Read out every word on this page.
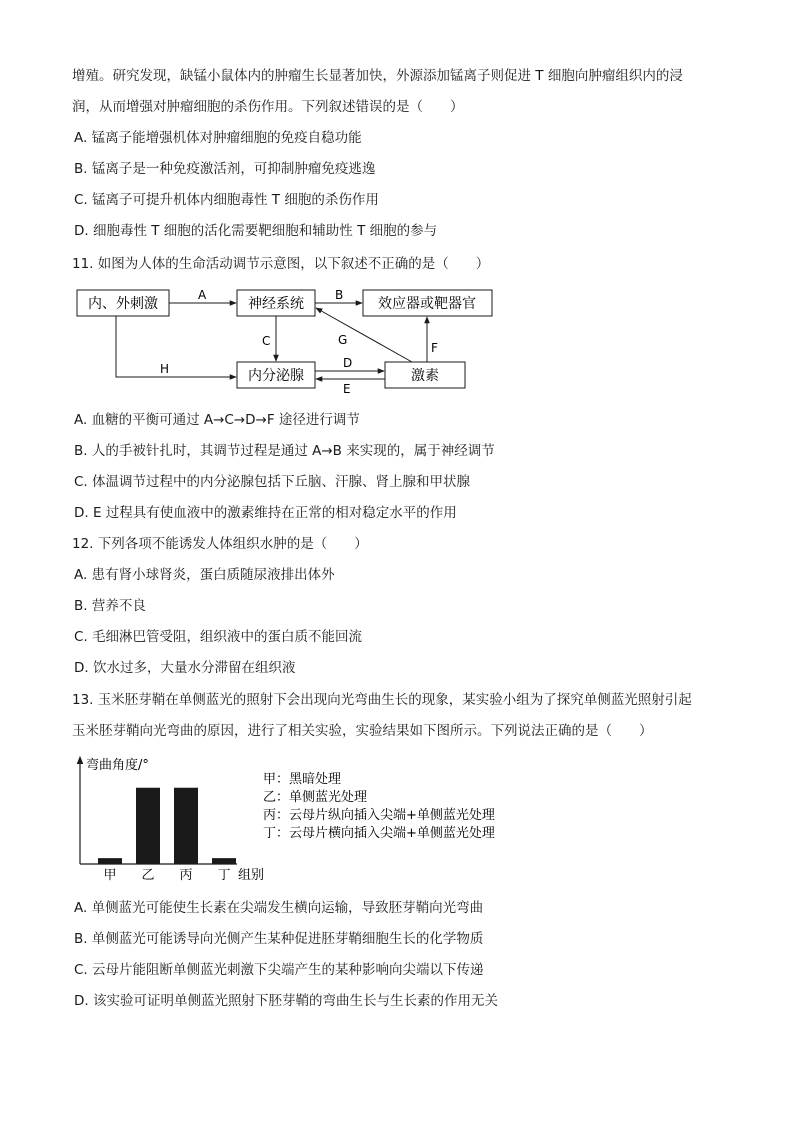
增殖。研究发现，缺锰小鼠体内的肿瘤生长显著加快，外源添加锰离子则促进 T 细胞向肿瘤组织内的浸
润，从而增强对肿瘤细胞的杀伤作用。下列叙述错误的是（　　）
A. 锰离子能增强机体对肿瘤细胞的免疫自稳功能
B. 锰离子是一种免疫激活剂，可抑制肿瘤免疫逃逸
C. 锰离子可提升机体内细胞毒性 T 细胞的杀伤作用
D. 细胞毒性 T 细胞的活化需要靶细胞和辅助性 T 细胞的参与
11. 如图为人体的生命活动调节示意图，以下叙述不正确的是（　　）
内、外刺激	神经系统	效应器或靶器官
内分泌腺	激素
A	B
C
D
E
F
G
H
A. 血糖的平衡可通过 A→C→D→F 途径进行调节
B. 人的手被针扎时，其调节过程是通过 A→B 来实现的，属于神经调节
C. 体温调节过程中的内分泌腺包括下丘脑、汗腺、肾上腺和甲状腺
D. E 过程具有使血液中的激素维持在正常的相对稳定水平的作用
12. 下列各项不能诱发人体组织水肿的是（　　）
A. 患有肾小球肾炎，蛋白质随尿液排出体外
B. 营养不良
C. 毛细淋巴管受阻，组织液中的蛋白质不能回流
D. 饮水过多，大量水分滞留在组织液
13. 玉米胚芽鞘在单侧蓝光的照射下会出现向光弯曲生长的现象，某实验小组为了探究单侧蓝光照射引起
玉米胚芽鞘向光弯曲的原因，进行了相关实验，实验结果如下图所示。下列说法正确的是（　　）
弯曲角度/°
组别
甲 乙 丙 丁
甲：黑暗处理
乙：单侧蓝光处理
丙：云母片纵向插入尖端+单侧蓝光处理
丁：云母片横向插入尖端+单侧蓝光处理
A. 单侧蓝光可能使生长素在尖端发生横向运输，导致胚芽鞘向光弯曲
B. 单侧蓝光可能诱导向光侧产生某种促进胚芽鞘细胞生长的化学物质
C. 云母片能阻断单侧蓝光刺激下尖端产生的某种影响向尖端以下传递
D. 该实验可证明单侧蓝光照射下胚芽鞘的弯曲生长与生长素的作用无关
